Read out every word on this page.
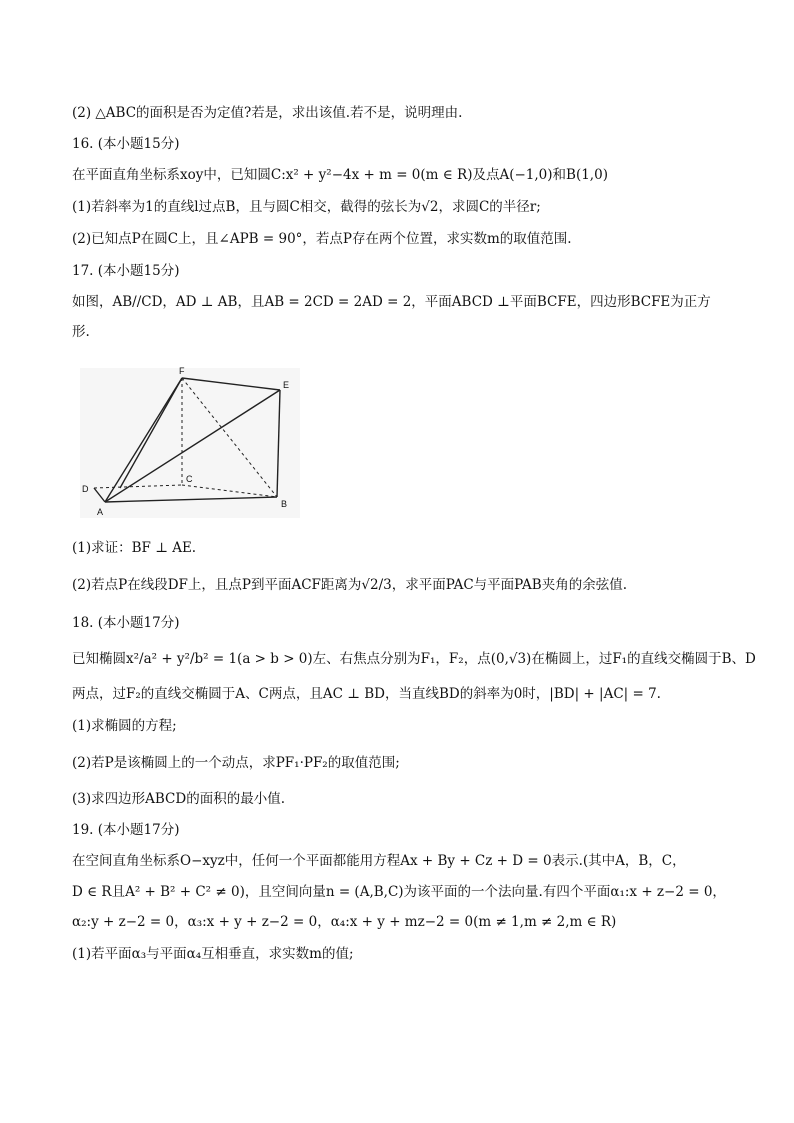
(2) △ABC的面积是否为定值?若是，求出该值.若不是，说明理由.
16. (本小题15分)
在平面直角坐标系xoy中，已知圆C:x² + y²−4x + m = 0(m ∈ R)及点A(−1,0)和B(1,0)
(1)若斜率为1的直线l过点B，且与圆C相交，截得的弦长为√2，求圆C的半径r;
(2)已知点P在圆C上，且∠APB = 90°，若点P存在两个位置，求实数m的取值范围.
17. (本小题15分)
如图，AB//CD，AD ⊥ AB，且AB = 2CD = 2AD = 2，平面ABCD ⊥平面BCFE，四边形BCFE为正方
形.
F
E
C
D
A
B
(1)求证：BF ⊥ AE.
(2)若点P在线段DF上，且点P到平面ACF距离为√2/3，求平面PAC与平面PAB夹角的余弦值.
18. (本小题17分)
已知椭圆x²/a² + y²/b² = 1(a > b > 0)左、右焦点分别为F₁，F₂，点(0,√3)在椭圆上，过F₁的直线交椭圆于B、D
两点，过F₂的直线交椭圆于A、C两点，且AC ⊥ BD，当直线BD的斜率为0时，|BD| + |AC| = 7.
(1)求椭圆的方程;
(2)若P是该椭圆上的一个动点，求PF₁·PF₂的取值范围;
(3)求四边形ABCD的面积的最小值.
19. (本小题17分)
在空间直角坐标系O−xyz中，任何一个平面都能用方程Ax + By + Cz + D = 0表示.(其中A，B，C，
D ∈ R且A² + B² + C² ≠ 0)，且空间向量n = (A,B,C)为该平面的一个法向量.有四个平面α₁:x + z−2 = 0，
α₂:y + z−2 = 0，α₃:x + y + z−2 = 0，α₄:x + y + mz−2 = 0(m ≠ 1,m ≠ 2,m ∈ R)
(1)若平面α₃与平面α₄互相垂直，求实数m的值;
